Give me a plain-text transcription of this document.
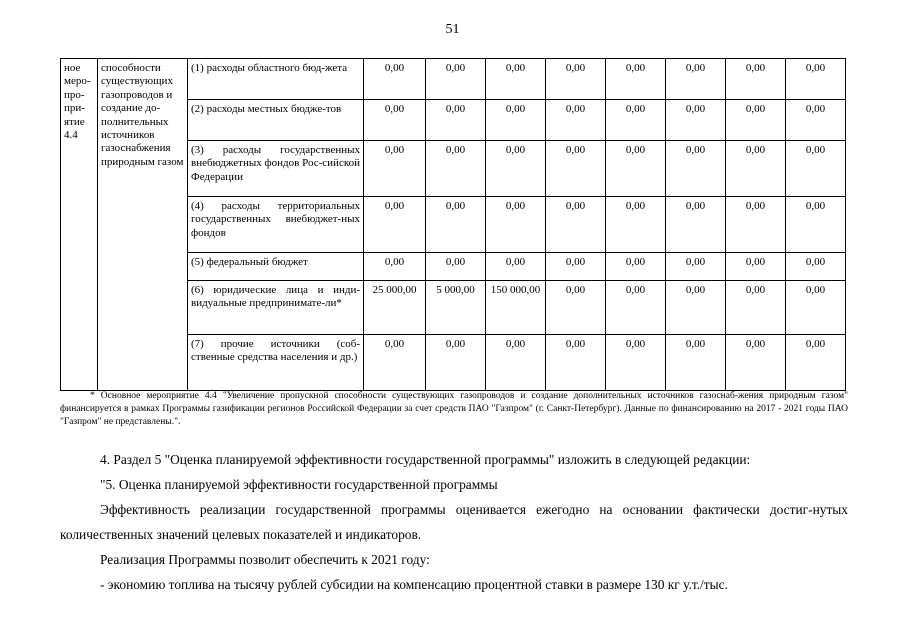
51
ное меро-про-при-ятие 4.4	способности существующих газопроводов и создание до-полнительных источников газоснабжения природным газом	(1) расходы областного бюд-жета	0,00	0,00	0,00	0,00	0,00	0,00	0,00	0,00
		(2) расходы местных бюдже-тов	0,00	0,00	0,00	0,00	0,00	0,00	0,00	0,00
		(3) расходы государственных внебюджетных фондов Рос-сийской Федерации	0,00	0,00	0,00	0,00	0,00	0,00	0,00	0,00
		(4) расходы территориальных государственных внебюджет-ных фондов	0,00	0,00	0,00	0,00	0,00	0,00	0,00	0,00
		(5) федеральный бюджет	0,00	0,00	0,00	0,00	0,00	0,00	0,00	0,00
		(6) юридические лица и инди-видуальные предпринимате-ли*	25 000,00	5 000,00	150 000,00	0,00	0,00	0,00	0,00	0,00
		(7) прочие источники (соб-ственные средства населения и др.)	0,00	0,00	0,00	0,00	0,00	0,00	0,00	0,00

* Основное мероприятие 4.4 "Увеличение пропускной способности существующих газопроводов и создание дополнительных источников газоснаб-жения природным газом" финансируется в рамках Программы газификации регионов Российской Федерации за счет средств ПАО "Газпром" (г. Санкт-Петербург). Данные по финансированию на 2017 - 2021 годы ПАО "Газпром" не представлены.".

4. Раздел 5 "Оценка планируемой эффективности государственной программы" изложить в следующей редакции:

"5. Оценка планируемой эффективности государственной программы

Эффективность реализации государственной программы оценивается ежегодно на основании фактически достиг-нутых количественных значений целевых показателей и индикаторов.

Реализация Программы позволит обеспечить к 2021 году:

- экономию топлива на тысячу рублей субсидии на компенсацию процентной ставки в размере 130 кг у.т./тыс.
